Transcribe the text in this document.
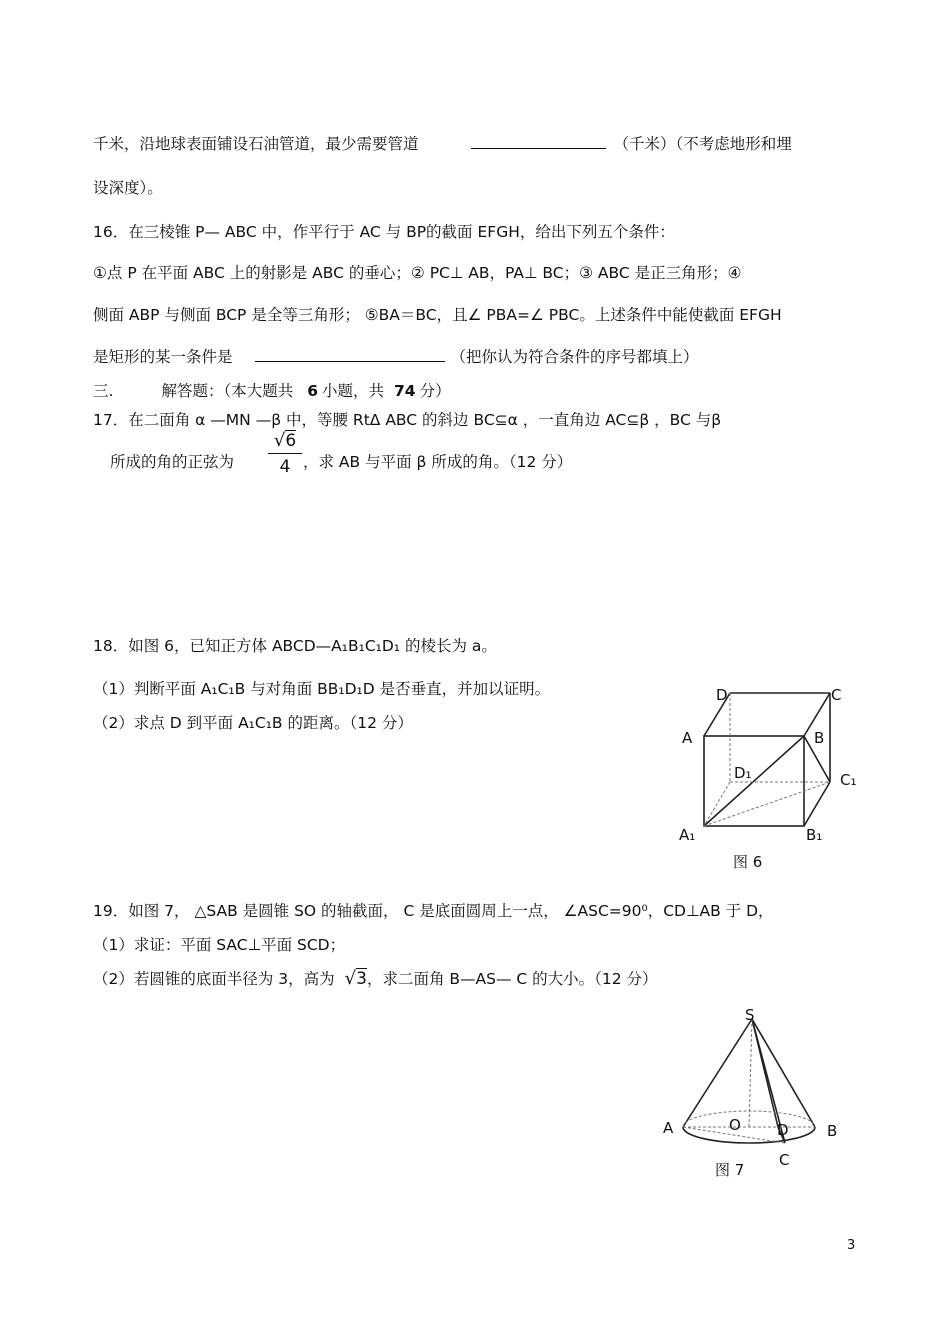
千米，沿地球表面铺设石油管道，最少需要管道	（千米）（不考虑地形和埋
设深度）。
16．在三棱锥 P— ABC 中，作平行于 AC 与 BP的截面 EFGH，给出下列五个条件：
①点 P 在平面 ABC 上的射影是 ABC 的垂心；② PC⊥ AB，PA⊥ BC；③ ABC 是正三角形；④
侧面 ABP 与侧面 BCP 是全等三角形； ⑤BA＝BC，且∠ PBA=∠ PBC。上述条件中能使截面 EFGH
是矩形的某一条件是	（把你认为符合条件的序号都填上）
三.	解答题：（本大题共 6 小题，共 74 分）
17．在二面角 α —MN —β 中，等腰 RtΔ ABC 的斜边 BC⊆α ，一直角边 AC⊆β ，BC 与β
所成的角的正弦为 $\frac{√6}{4}$ ，求 AB 与平面 β 所成的角。（12 分）
18．如图 6，已知正方体 ABCD—A₁B₁C₁D₁ 的棱长为 a。
（1）判断平面 A₁C₁B 与对角面 BB₁D₁D 是否垂直，并加以证明。
（2）求点 D 到平面 A₁C₁B 的距离。（12 分）
D	C
A	B
D₁	C₁
A₁	B₁
图 6
19．如图 7， △SAB 是圆锥 SO 的轴截面， C 是底面圆周上一点， ∠ASC=90⁰，CD⊥AB 于 D，
（1）求证：平面 SAC⊥平面 SCD；
（2）若圆锥的底面半径为 3，高为 √3，求二面角 B—AS— C 的大小。（12 分）
S
A	O D	B
C
图 7
3
